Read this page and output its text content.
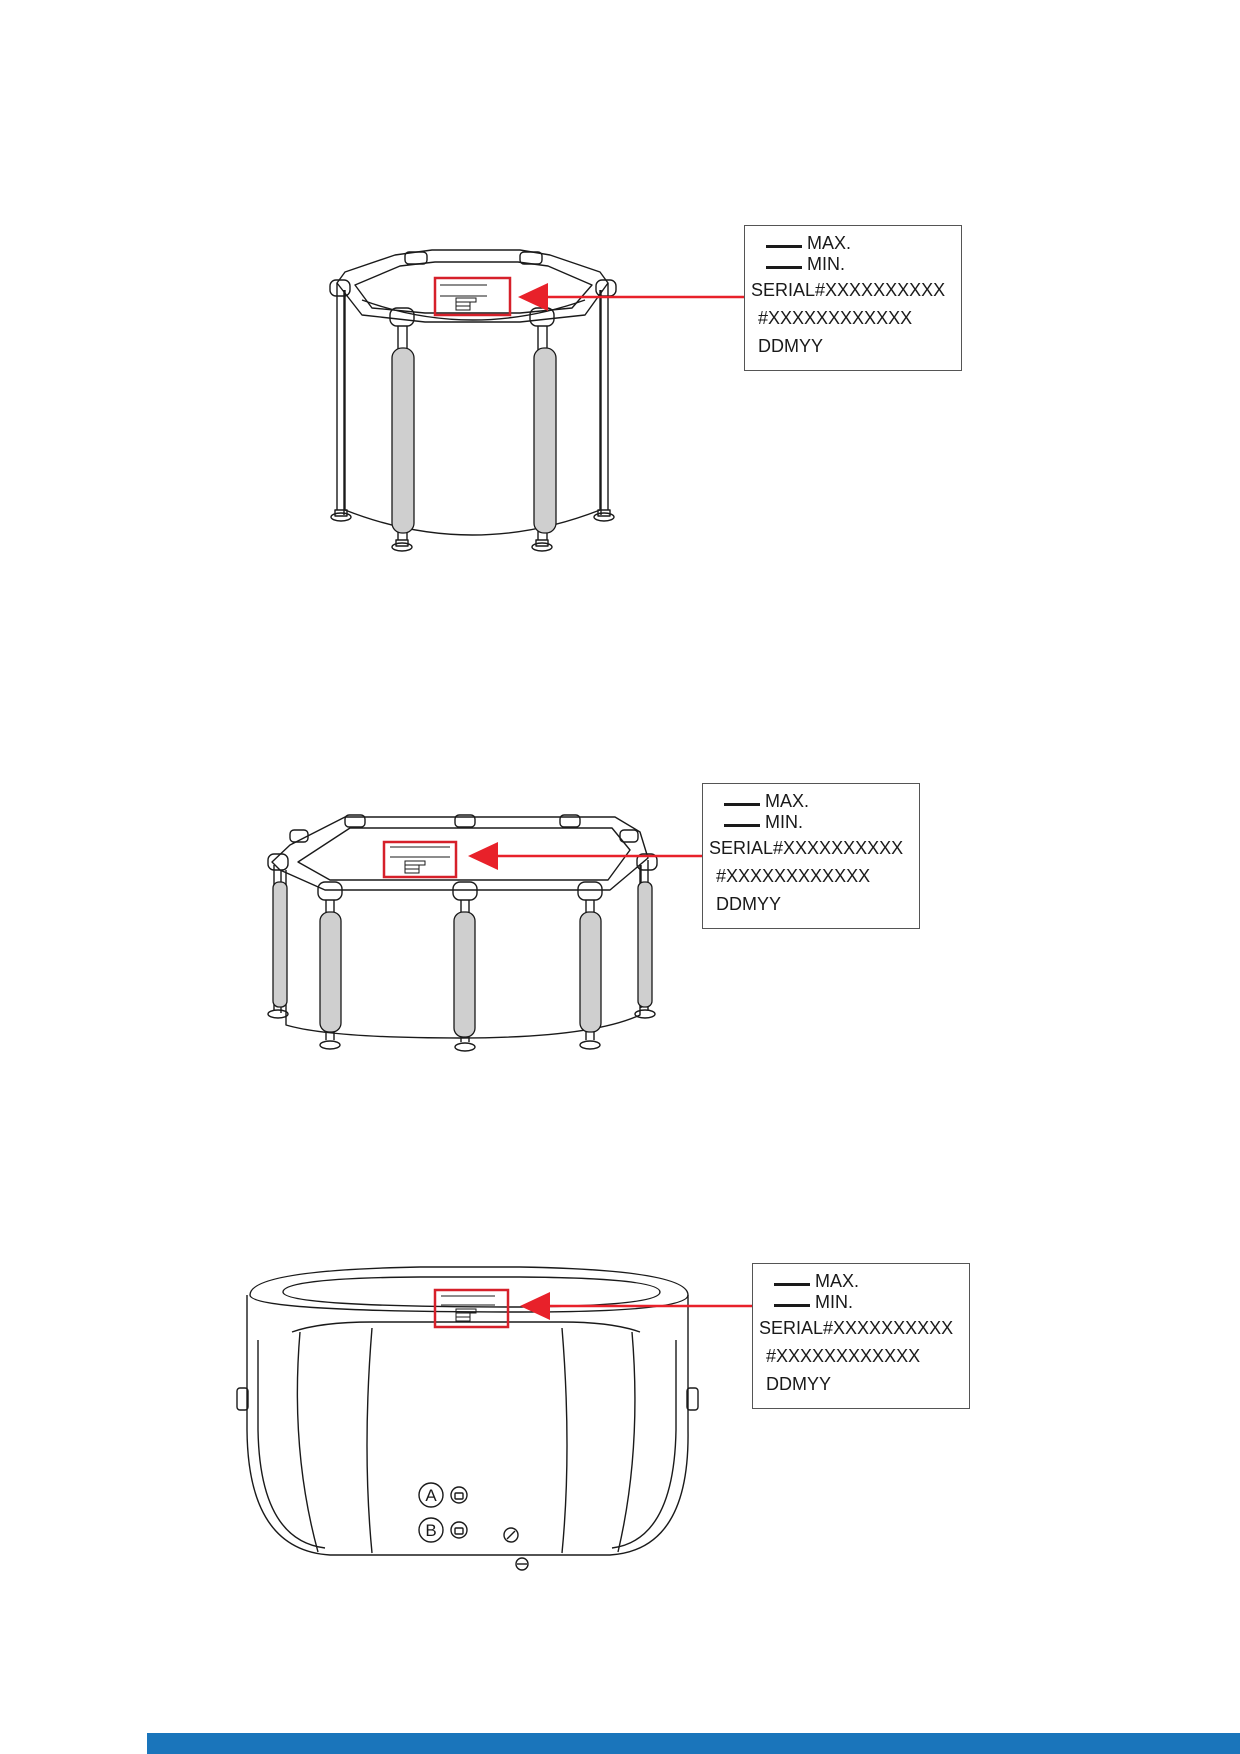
MAX.
MIN.
SERIAL#XXXXXXXXXX
#XXXXXXXXXXXX
DDMYY
MAX.
MIN.
SERIAL#XXXXXXXXXX
#XXXXXXXXXXXX
DDMYY
A
B
MAX.
MIN.
SERIAL#XXXXXXXXXX
#XXXXXXXXXXXX
DDMYY
